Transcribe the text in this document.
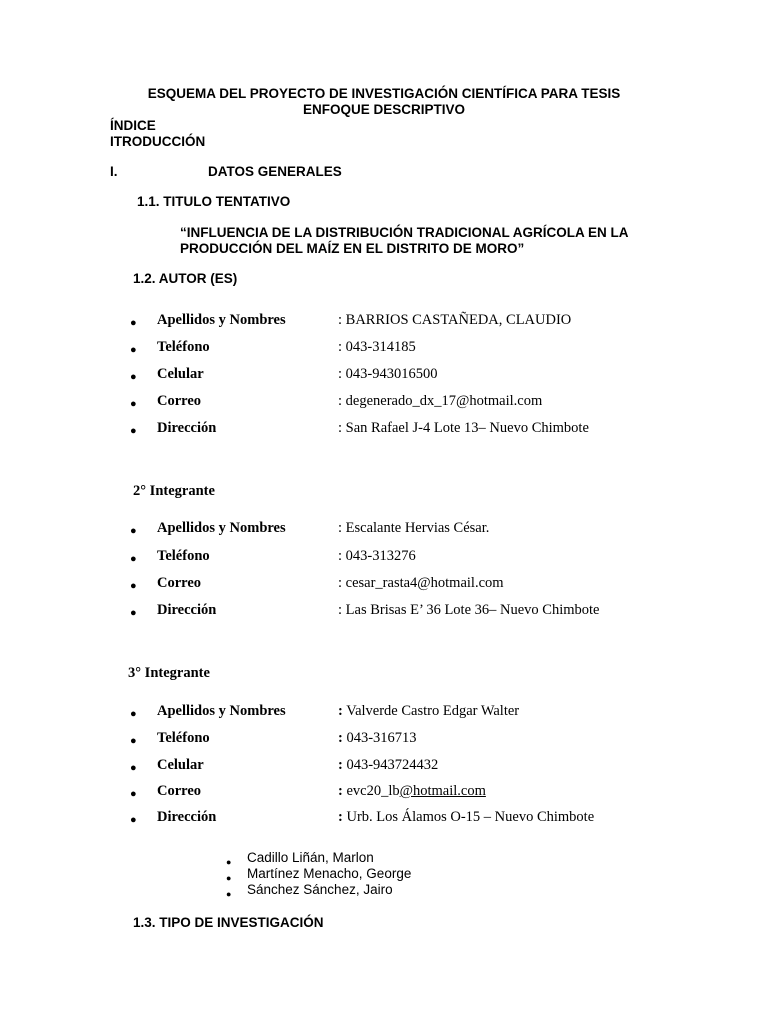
ESQUEMA DEL PROYECTO DE INVESTIGACIÓN CIENTÍFICA PARA TESIS
ENFOQUE DESCRIPTIVO
ÍNDICE
ITRODUCCIÓN
I.	DATOS GENERALES
1.1. TITULO TENTATIVO
“INFLUENCIA DE LA DISTRIBUCIÓN TRADICIONAL AGRÍCOLA EN LA
PRODUCCIÓN DEL MAÍZ EN EL DISTRITO DE MORO”
1.2. AUTOR (ES)
● Apellidos y Nombres	: BARRIOS CASTAÑEDA, CLAUDIO
● Teléfono	: 043-314185
● Celular	: 043-943016500
● Correo	: degenerado_dx_17@hotmail.com
● Dirección	: San Rafael J-4 Lote 13– Nuevo Chimbote
2° Integrante
● Apellidos y Nombres	: Escalante Hervias César.
● Teléfono	: 043-313276
● Correo	: cesar_rasta4@hotmail.com
● Dirección	: Las Brisas E’ 36 Lote 36– Nuevo Chimbote
3° Integrante
● Apellidos y Nombres	: Valverde Castro Edgar Walter
● Teléfono	: 043-316713
● Celular	: 043-943724432
● Correo	: evc20_lb@hotmail.com
● Dirección	: Urb. Los Álamos O-15 – Nuevo Chimbote
● Cadillo Liñán, Marlon
● Martínez Menacho, George
● Sánchez Sánchez, Jairo
1.3. TIPO DE INVESTIGACIÓN
